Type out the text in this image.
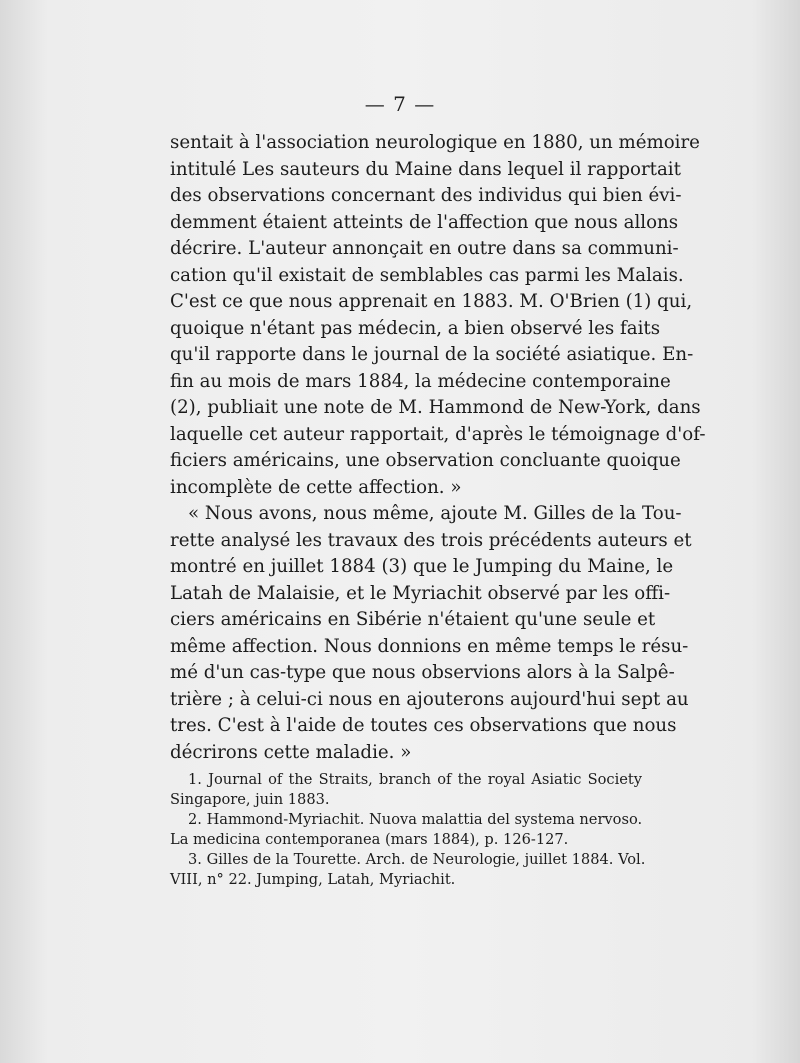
— 7 —
sentait à l'association neurologique en 1880, un mémoire
intitulé Les sauteurs du Maine dans lequel il rapportait
des observations concernant des individus qui bien évi-
demment étaient atteints de l'affection que nous allons
décrire. L'auteur annonçait en outre dans sa communi-
cation qu'il existait de semblables cas parmi les Malais.
C'est ce que nous apprenait en 1883. M. O'Brien (1) qui,
quoique n'étant pas médecin, a bien observé les faits
qu'il rapporte dans le journal de la société asiatique. En-
fin au mois de mars 1884, la médecine contemporaine
(2), publiait une note de M. Hammond de New-York, dans
laquelle cet auteur rapportait, d'après le témoignage d'of-
ficiers américains, une observation concluante quoique
incomplète de cette affection. »
« Nous avons, nous même, ajoute M. Gilles de la Tou-
rette analysé les travaux des trois précédents auteurs et
montré en juillet 1884 (3) que le Jumping du Maine, le
Latah de Malaisie, et le Myriachit observé par les offi-
ciers américains en Sibérie n'étaient qu'une seule et
même affection. Nous donnions en même temps le résu-
mé d'un cas-type que nous observions alors à la Salpê-
trière ; à celui-ci nous en ajouterons aujourd'hui sept au
tres. C'est à l'aide de toutes ces observations que nous
décrirons cette maladie. »
1. Journal of the Straits, branch of the royal Asiatic Society
Singapore, juin 1883.
2. Hammond-Myriachit. Nuova malattia del systema nervoso.
La medicina contemporanea (mars 1884), p. 126-127.
3. Gilles de la Tourette. Arch. de Neurologie, juillet 1884. Vol.
VIII, n° 22. Jumping, Latah, Myriachit.
